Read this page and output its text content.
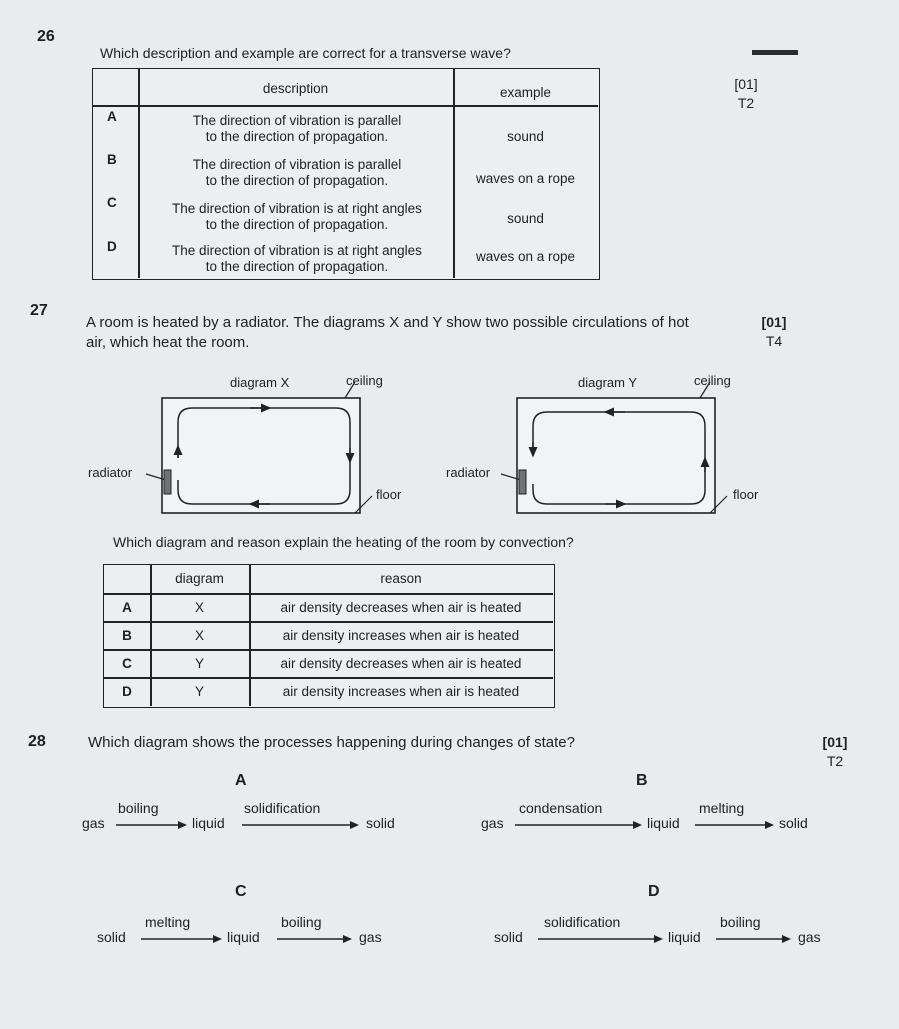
26
Which description and example are correct for a transverse wave?
[01]
T2
description	example
A	The direction of vibration is parallel
to the direction of propagation.	sound
B	The direction of vibration is parallel
to the direction of propagation.	waves on a rope
C	The direction of vibration is at right angles
to the direction of propagation.	sound
D	The direction of vibration is at right angles
to the direction of propagation.
waves on a rope
27
A room is heated by a radiator. The diagrams X and Y show two possible circulations of hot
air, which heat the room.
[01]
T4
diagram X	ceiling
radiator
floor
diagram Y	ceiling
radiator
floor
Which diagram and reason explain the heating of the room by convection?
diagram	reason
A	X	air density decreases when air is heated
B	X	air density increases when air is heated
C	Y	air density decreases when air is heated
D	Y	air density increases when air is heated
28	Which diagram shows the processes happening during changes of state?	[01]
T2
A
gas
boiling
liquid
solidification
solid
B
gas
condensation
liquid
melting
solid
C
solid
melting
liquid
boiling
gas
D
solid
solidification
liquid
boiling
gas
